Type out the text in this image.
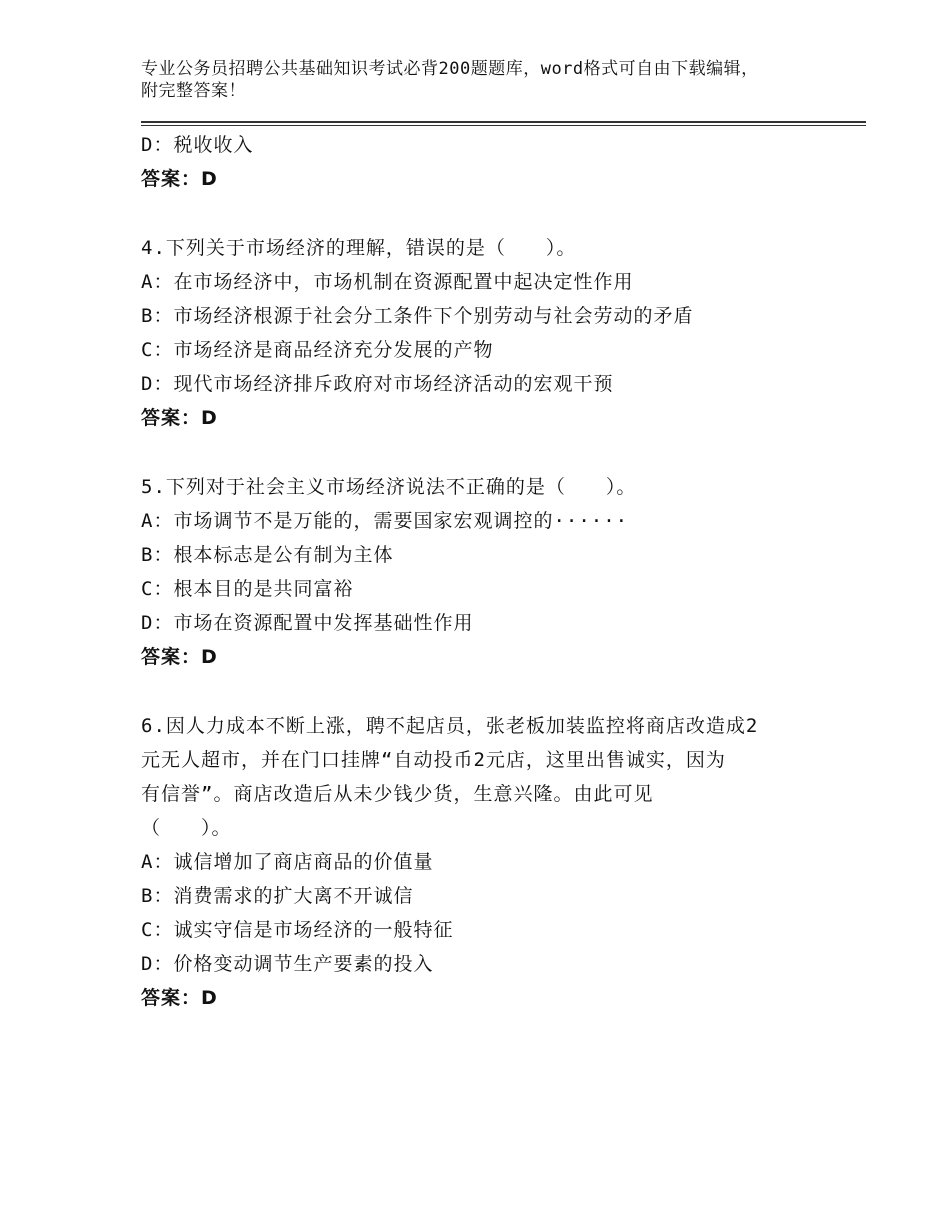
专业公务员招聘公共基础知识考试必背200题题库，word格式可自由下载编辑，
附完整答案！
D：税收收入
答案：D
4.下列关于市场经济的理解，错误的是（　　）。
A：在市场经济中，市场机制在资源配置中起决定性作用
B：市场经济根源于社会分工条件下个别劳动与社会劳动的矛盾
C：市场经济是商品经济充分发展的产物
D：现代市场经济排斥政府对市场经济活动的宏观干预
答案：D
5.下列对于社会主义市场经济说法不正确的是（　　）。
A：市场调节不是万能的，需要国家宏观调控的······
B：根本标志是公有制为主体
C：根本目的是共同富裕
D：市场在资源配置中发挥基础性作用
答案：D
6.因人力成本不断上涨，聘不起店员，张老板加装监控将商店改造成2
元无人超市，并在门口挂牌“自动投币2元店，这里出售诚实，因为
有信誉”。商店改造后从未少钱少货，生意兴隆。由此可见
（　　）。
A：诚信增加了商店商品的价值量
B：消费需求的扩大离不开诚信
C：诚实守信是市场经济的一般特征
D：价格变动调节生产要素的投入
答案：D
